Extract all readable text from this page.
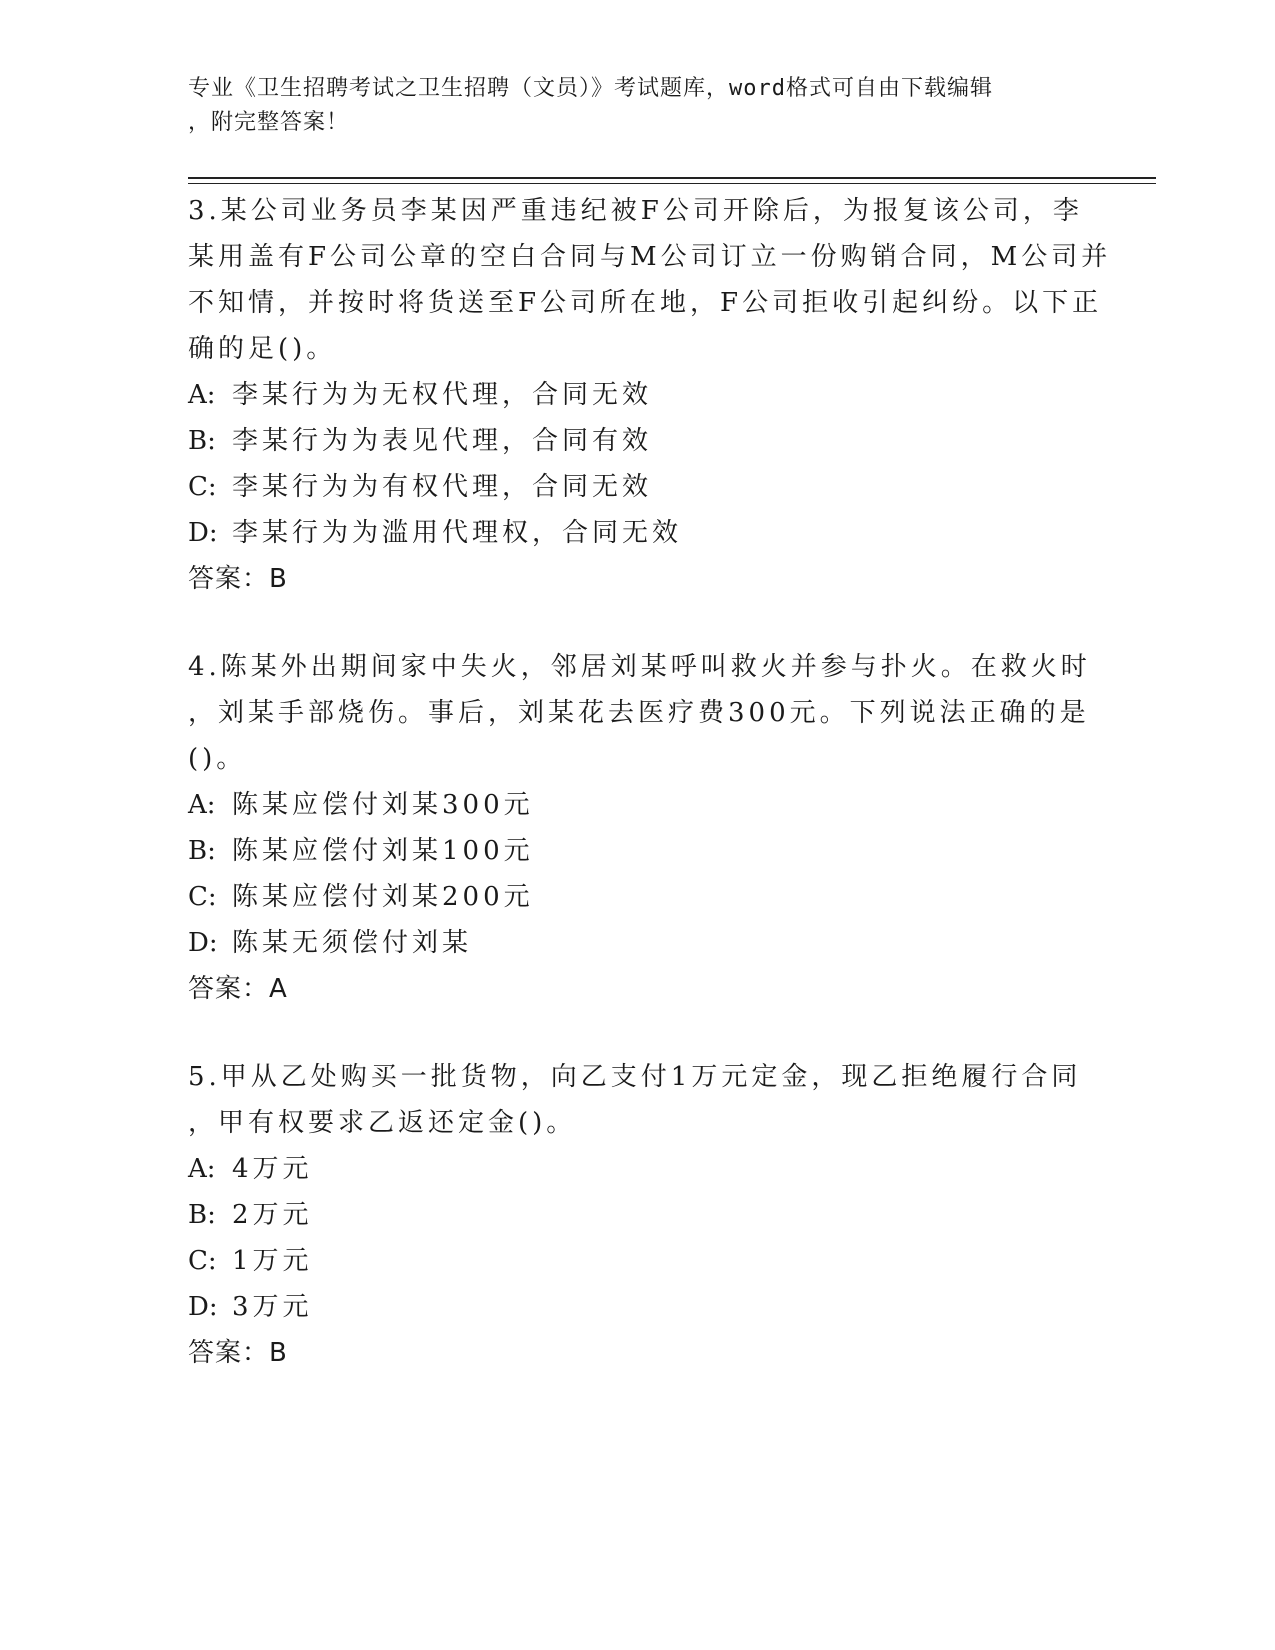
专业《卫生招聘考试之卫生招聘（文员）》考试题库，word格式可自由下载编辑
，附完整答案！
3.某公司业务员李某因严重违纪被F公司开除后，为报复该公司，李
某用盖有F公司公章的空白合同与M公司订立一份购销合同，M公司并
不知情，并按时将货送至F公司所在地，F公司拒收引起纠纷。以下正
确的足()。
A: 李某行为为无权代理，合同无效
B: 李某行为为表见代理，合同有效
C: 李某行为为有权代理，合同无效
D: 李某行为为滥用代理权，合同无效
答案：B
4.陈某外出期间家中失火，邻居刘某呼叫救火并参与扑火。在救火时
，刘某手部烧伤。事后，刘某花去医疗费300元。下列说法正确的是
()。
A: 陈某应偿付刘某300元
B: 陈某应偿付刘某100元
C: 陈某应偿付刘某200元
D: 陈某无须偿付刘某
答案：A
5.甲从乙处购买一批货物，向乙支付1万元定金，现乙拒绝履行合同
，甲有权要求乙返还定金()。
A: 4万元
B: 2万元
C: 1万元
D: 3万元
答案：B
